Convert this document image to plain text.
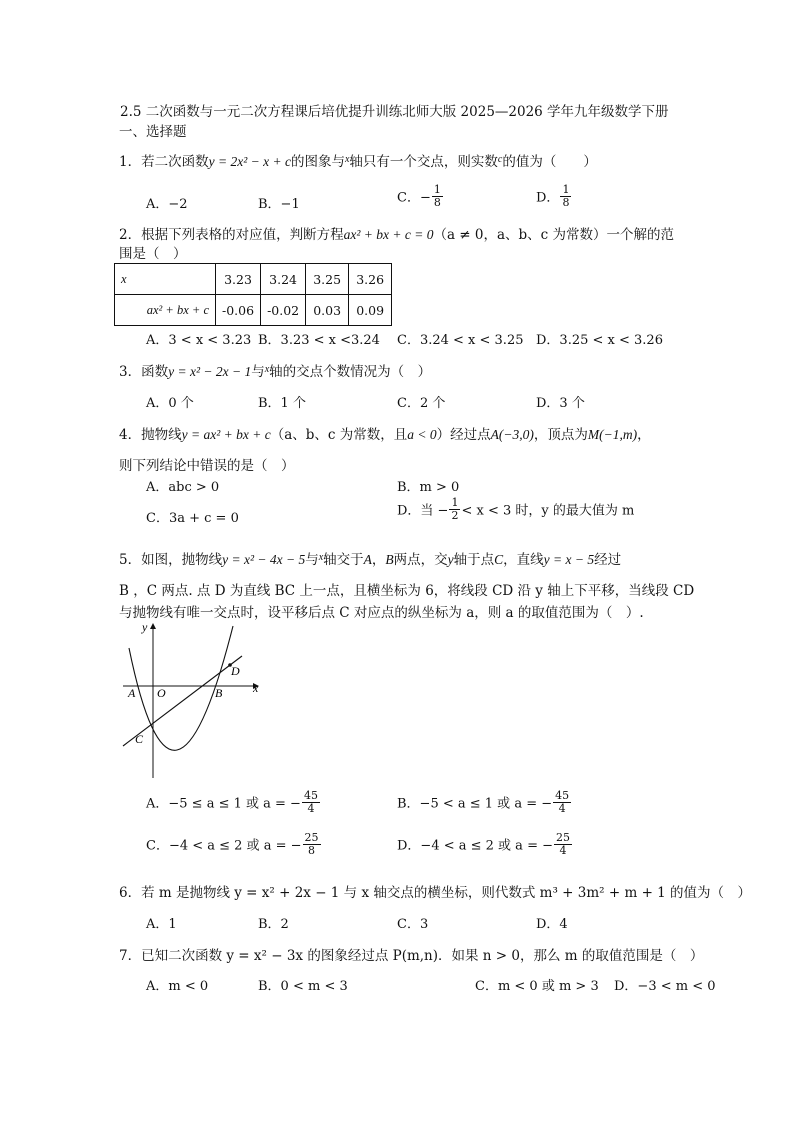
2.5 二次函数与一元二次方程课后培优提升训练北师大版 2025—2026 学年九年级数学下册
一、选择题
1．若二次函数y = 2x² − x + c的图象与$^x$轴只有一个交点，则实数$^c$的值为（　　）
A．−2	B．−1	C．− $\frac{1}{8}$	D． $\frac{1}{8}$
2．根据下列表格的对应值，判断方程ax² + bx + c = 0（a ≠ 0，a、b、c 为常数）一个解的范
围是（　）
x	3.23	3.24	3.25	3.26
ax² + bx + c	-0.06	-0.02	0.03	0.09
A．3 < x < 3.23 B．3.23 < x <3.24 C．3.24 < x < 3.25 D．3.25 < x < 3.26
3．函数y = x² − 2x − 1与$^x$轴的交点个数情况为（　）
A．0 个	B．1 个	C．2 个	D．3 个
4．抛物线y = ax² + bx + c（a、b、c 为常数，且a < 0）经过点A(−3,0)，顶点为M(−1,m)，
则下列结论中错误的是（　）
A．abc > 0	B．m > 0
C．3a + c = 0	D．当 − $\frac{1}{2} < x < 3$ 时，y 的最大值为 m
5．如图，抛物线y = x² − 4x − 5与$^x$轴交于A，B两点，交y轴于点C，直线y = x − 5经过
B ，C 两点. 点 D 为直线 BC 上一点，且横坐标为 6，将线段 CD 沿 y 轴上下平移，当线段 CD
与抛物线有唯一交点时，设平移后点 C 对应点的纵坐标为 a，则 a 的取值范围为（　）.
y
x
A O	B
C
D
A．−5 ≤ a ≤ 1 或 a = − $\frac{45}{4}$	B．−5 < a ≤ 1 或 a = − $\frac{45}{4}$
C．−4 < a ≤ 2 或 a = − $\frac{25}{8}$	D．−4 < a ≤ 2 或 a = − $\frac{25}{4}$
6．若 m 是抛物线 y = x² + 2x − 1 与 x 轴交点的横坐标，则代数式 m³ + 3m² + m + 1 的值为（　）
A．1	B．2	C．3	D．4
7．已知二次函数 y = x² − 3x 的图象经过点 P(m,n)．如果 n > 0，那么 m 的取值范围是（　）
A．m < 0	B．0 < m < 3	C．m < 0 或 m > 3 D．−3 < m < 0
